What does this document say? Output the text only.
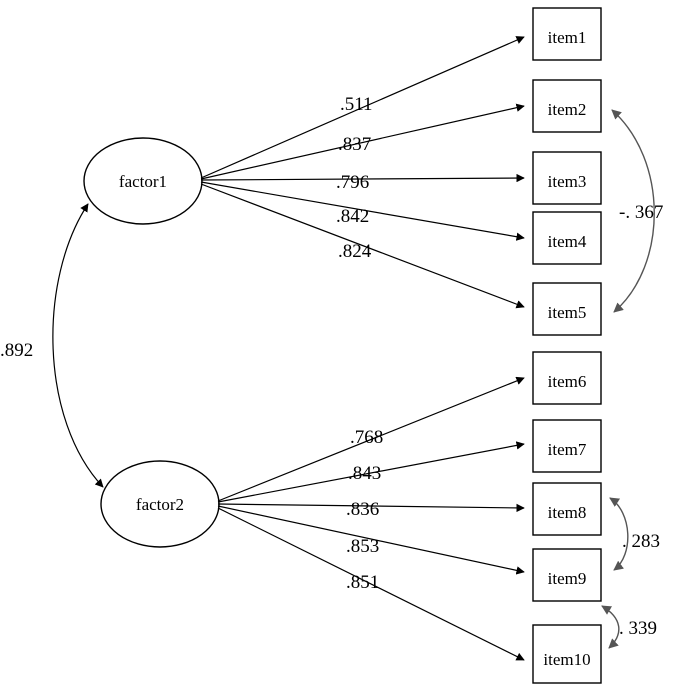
item1
item2
item3
item4
item5
item6
item7
item8
item9
item10
factor1
factor2
.511
.837
.796
.842
.824
.768
.843
.836
.853
.851
.892
-. 367
. 283
. 339
